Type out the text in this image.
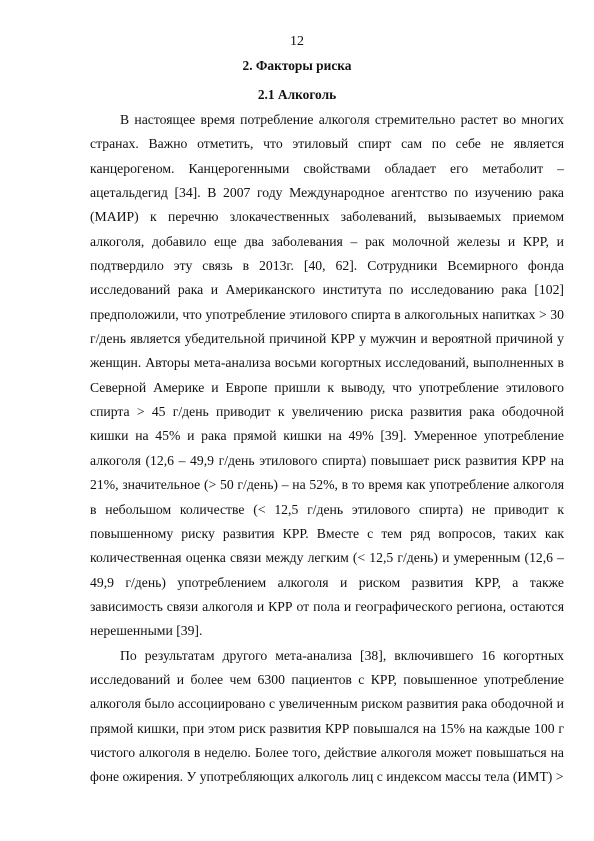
12
2. Факторы риска
2.1 Алкоголь

В настоящее время потребление алкоголя стремительно растет во многих странах. Важно отметить, что этиловый спирт сам по себе не является канцерогеном. Канцерогенными свойствами обладает его метаболит – ацетальдегид [34]. В 2007 году Международное агентство по изучению рака (МАИР) к перечню злокачественных заболеваний, вызываемых приемом алкоголя, добавило еще два заболевания – рак молочной железы и КРР, и подтвердило эту связь в 2013г. [40, 62]. Сотрудники Всемирного фонда исследований рака и Американского института по исследованию рака [102] предположили, что употребление этилового спирта в алкогольных напитках > 30 г/день является убедительной причиной КРР у мужчин и вероятной причиной у женщин. Авторы мета-анализа восьми когортных исследований, выполненных в Северной Америке и Европе пришли к выводу, что употребление этилового спирта > 45 г/день приводит к увеличению риска развития рака ободочной кишки на 45% и рака прямой кишки на 49% [39]. Умеренное употребление алкоголя (12,6 – 49,9 г/день этилового спирта) повышает риск развития КРР на 21%, значительное (> 50 г/день) – на 52%, в то время как употребление алкоголя в небольшом количестве (< 12,5 г/день этилового спирта) не приводит к повышенному риску развития КРР. Вместе с тем ряд вопросов, таких как количественная оценка связи между легким (< 12,5 г/день) и умеренным (12,6 – 49,9 г/день) употреблением алкоголя и риском развития КРР, а также зависимость связи алкоголя и КРР от пола и географического региона, остаются нерешенными [39].

По результатам другого мета-анализа [38], включившего 16 когортных исследований и более чем 6300 пациентов с КРР, повышенное употребление алкоголя было ассоциировано с увеличенным риском развития рака ободочной и прямой кишки, при этом риск развития КРР повышался на 15% на каждые 100 г чистого алкоголя в неделю. Более того, действие алкоголя может повышаться на фоне ожирения. У употребляющих алкоголь лиц с индексом массы тела (ИМТ) >
